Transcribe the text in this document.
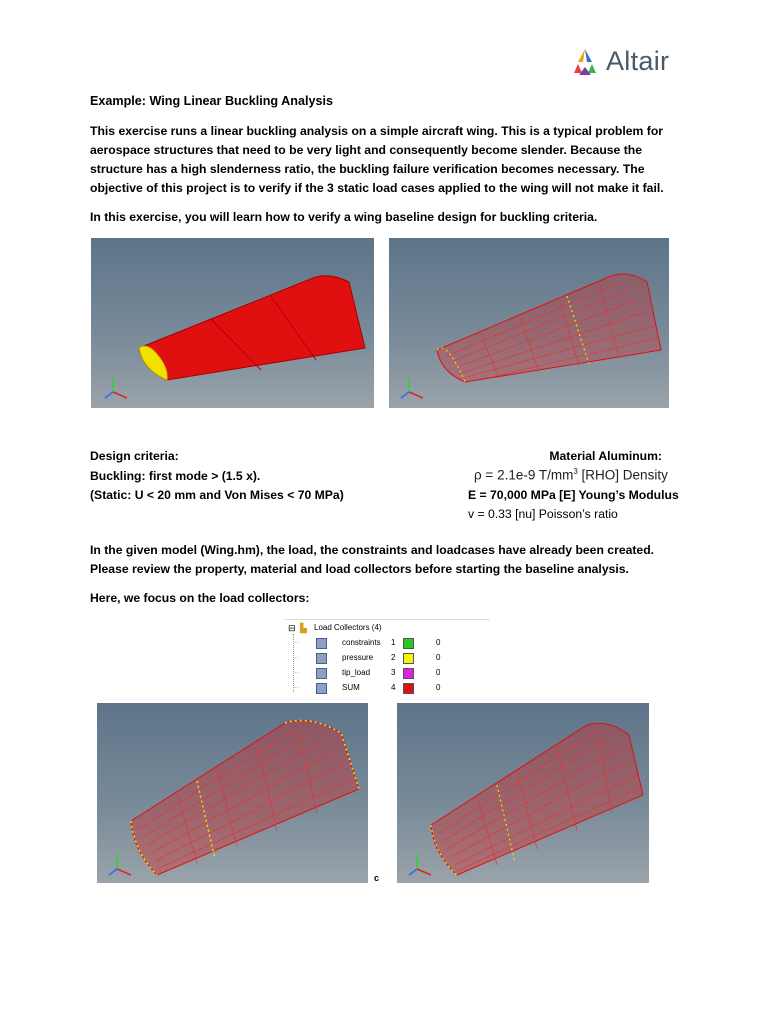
Altair
Example: Wing Linear Buckling Analysis
This exercise runs a linear buckling analysis on a simple aircraft wing. This is a typical problem for aerospace structures that need to be very light and consequently become slender. Because the structure has a high slenderness ratio, the buckling failure verification becomes necessary. The objective of this project is to verify if the 3 static load cases applied to the wing will not make it fail.
In this exercise, you will learn how to verify a wing baseline design for buckling criteria.
Design criteria:
Buckling: first mode > (1.5 x).
(Static: U < 20 mm and Von Mises < 70 MPa)
Material Aluminum:
ρ = 2.1e-9 $T/mm^3$ [RHO] Density
E = 70,000 MPa [E] Young’s Modulus
v = 0.33 [nu] Poisson’s ratio
In the given model (Wing.hm), the load, the constraints and loadcases have already been created. Please review the property, material and load collectors before starting the baseline analysis.
Here, we focus on the load collectors:
⊟ ▙ Load Collectors (4)
··	constraints 1	0
··	pressure 2	0
··	tip_load	3	0
··	SUM	4	0
c
